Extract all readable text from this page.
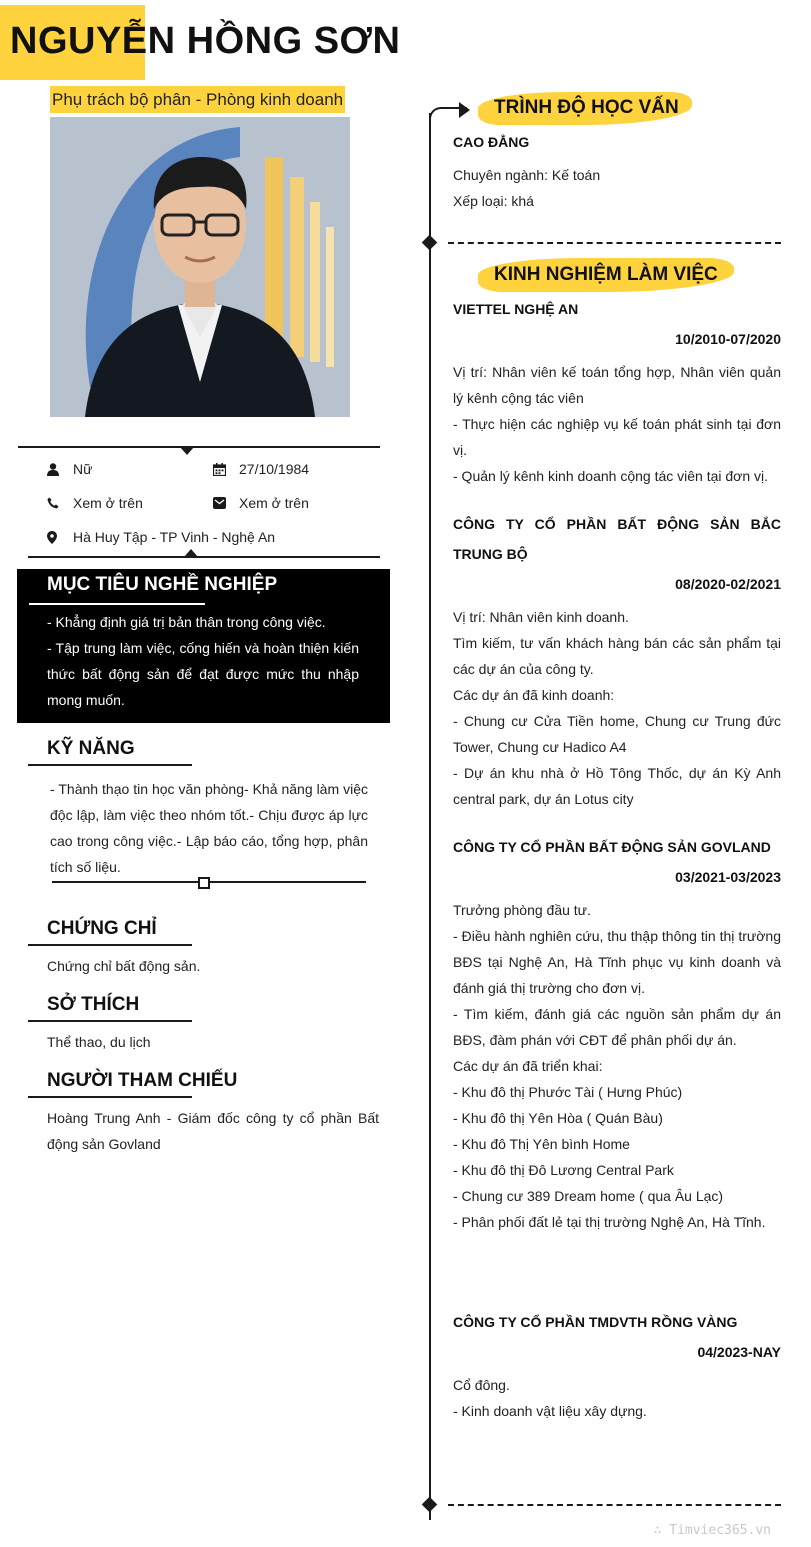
NGUYỄN HỒNG SƠN
Phụ trách bộ phân - Phòng kinh doanh
Nữ	27/10/1984
Xem ở trên	Xem ở trên
Hà Huy Tập - TP Vinh - Nghệ An
MỤC TIÊU NGHỀ NGHIỆP
- Khẳng định giá trị bản thân trong công việc.
- Tập trung làm việc, cống hiến và hoàn thiện kiến thức bất động sản để đạt được mức thu nhập mong muốn.
KỸ NĂNG
- Thành thạo tin học văn phòng- Khả năng làm việc độc lập, làm việc theo nhóm tốt.- Chịu được áp lực cao trong công việc.- Lập báo cáo, tổng hợp, phân tích số liệu.
CHỨNG CHỈ
Chứng chỉ bất động sản.
SỞ THÍCH
Thể thao, du lịch
NGƯỜI THAM CHIẾU
Hoàng Trung Anh - Giám đốc công ty cổ phần Bất động sản Govland
TRÌNH ĐỘ HỌC VẤN
CAO ĐẲNG
Chuyên ngành: Kế toán
Xếp loại: khá
KINH NGHIỆM LÀM VIỆC
VIETTEL NGHỆ AN
10/2010-07/2020
Vị trí: Nhân viên kế toán tổng hợp, Nhân viên quản lý kênh cộng tác viên
- Thực hiện các nghiệp vụ kế toán phát sinh tại đơn vị.
- Quản lý kênh kinh doanh cộng tác viên tại đơn vị.
CÔNG TY CỔ PHẦN BẤT ĐỘNG SẢN BẮC TRUNG BỘ
08/2020-02/2021
Vị trí: Nhân viên kinh doanh.
Tìm kiếm, tư vấn khách hàng bán các sản phẩm tại các dự án của công ty.
Các dự án đã kinh doanh:
- Chung cư Cửa Tiền home, Chung cư Trung đức Tower, Chung cư Hadico A4
- Dự án khu nhà ở Hồ Tông Thốc, dự án Kỳ Anh central park, dự án Lotus city
CÔNG TY CỔ PHẦN BẤT ĐỘNG SẢN GOVLAND
03/2021-03/2023
Trưởng phòng đầu tư.
- Điều hành nghiên cứu, thu thập thông tin thị trường BĐS tại Nghệ An, Hà Tĩnh phục vụ kinh doanh và đánh giá thị trường cho đơn vị.
- Tìm kiếm, đánh giá các nguồn sản phẩm dự án BĐS, đàm phán với CĐT để phân phối dự án.
Các dự án đã triển khai:
- Khu đô thị Phước Tài ( Hưng Phúc)
- Khu đô thị Yên Hòa ( Quán Bàu)
- Khu đô Thị Yên bình Home
- Khu đô thị Đô Lương Central Park
- Chung cư 389 Dream home ( qua Âu Lạc)
- Phân phối đất lẻ tại thị trường Nghệ An, Hà Tĩnh.
CÔNG TY CỔ PHẦN TMDVTH RỒNG VÀNG
04/2023-NAY
Cổ đông.
- Kinh doanh vật liệu xây dựng.
∴ Timviec365.vn
